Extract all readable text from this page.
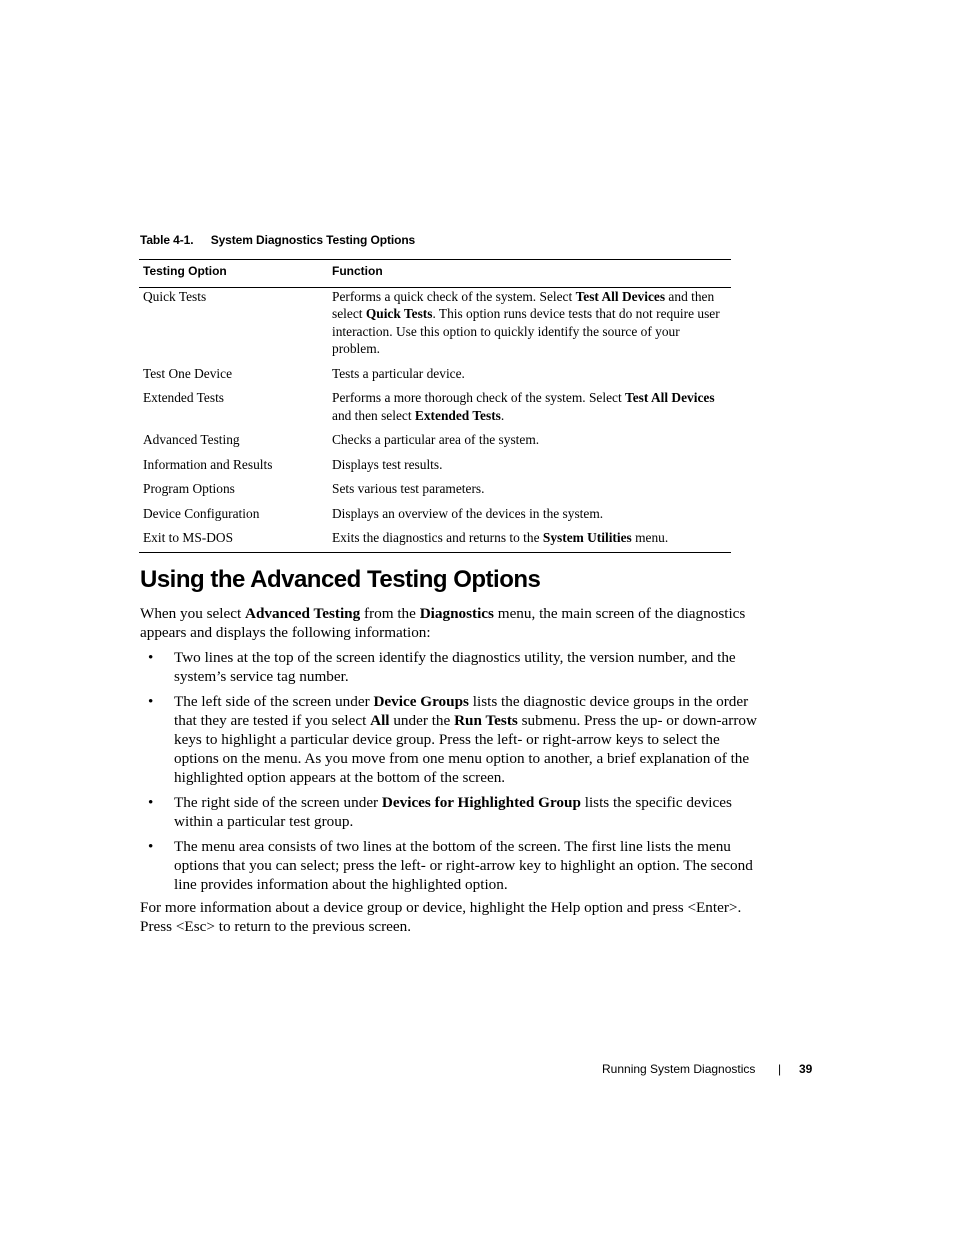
Table 4-1. System Diagnostics Testing Options
Testing Option	Function
Quick Tests	Performs a quick check of the system. Select Test All Devices and then select Quick Tests. This option runs device tests that do not require user interaction. Use this option to quickly identify the source of your problem.
Test One Device	Tests a particular device.
Extended Tests	Performs a more thorough check of the system. Select Test All Devices and then select Extended Tests.
Advanced Testing	Checks a particular area of the system.
Information and Results	Displays test results.
Program Options	Sets various test parameters.
Device Configuration	Displays an overview of the devices in the system.
Exit to MS-DOS	Exits the diagnostics and returns to the System Utilities menu.
Using the Advanced Testing Options

When you select Advanced Testing from the Diagnostics menu, the main screen of the diagnostics appears and displays the following information:

• Two lines at the top of the screen identify the diagnostics utility, the version number, and the system’s service tag number.
• The left side of the screen under Device Groups lists the diagnostic device groups in the order that they are tested if you select All under the Run Tests submenu. Press the up- or down-arrow keys to highlight a particular device group. Press the left- or right-arrow keys to select the options on the menu. As you move from one menu option to another, a brief explanation of the highlighted option appears at the bottom of the screen.
• The right side of the screen under Devices for Highlighted Group lists the specific devices within a particular test group.
• The menu area consists of two lines at the bottom of the screen. The first line lists the menu options that you can select; press the left- or right-arrow key to highlight an option. The second line provides information about the highlighted option.

For more information about a device group or device, highlight the Help option and press <Enter>. Press <Esc> to return to the previous screen.

Running System Diagnostics | 39
